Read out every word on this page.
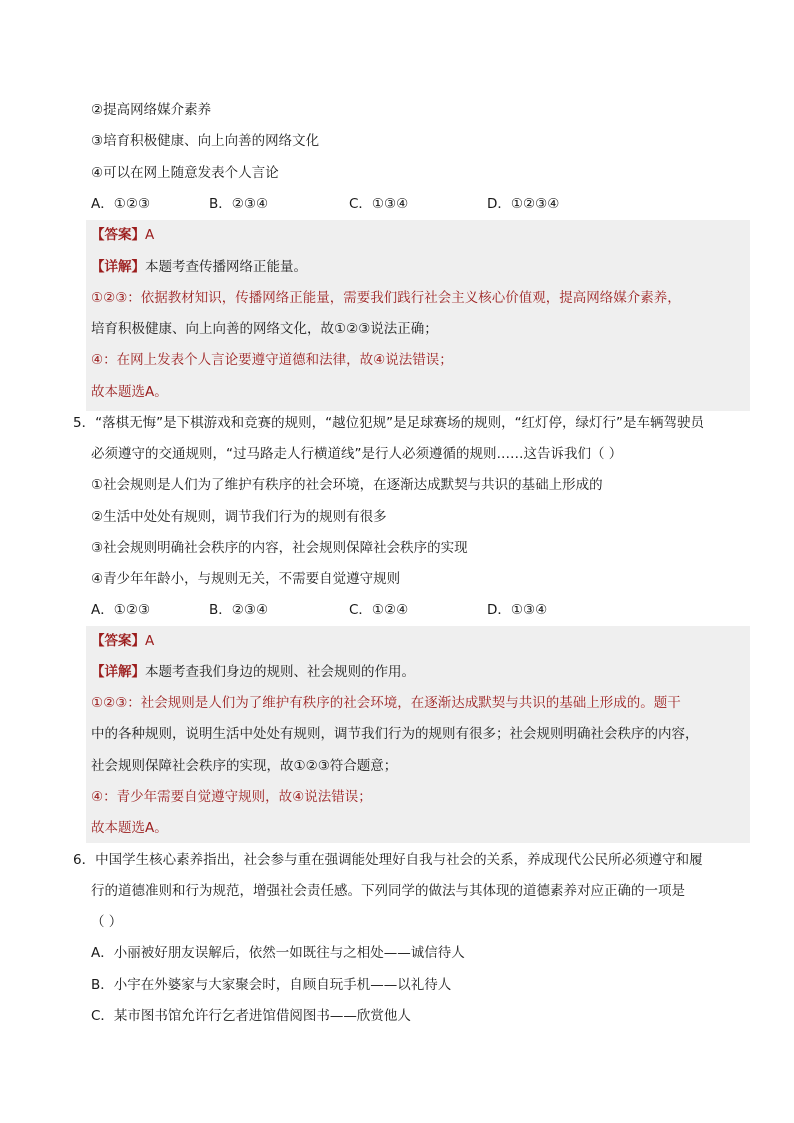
②提高网络媒介素养
③培育积极健康、向上向善的网络文化
④可以在网上随意发表个人言论
A．①②③	B．②③④	C．①③④	D．①②③④
【答案】A
【详解】本题考查传播网络正能量。
①②③：依据教材知识，传播网络正能量，需要我们践行社会主义核心价值观，提高网络媒介素养，
培育积极健康、向上向善的网络文化，故①②③说法正确；
④：在网上发表个人言论要遵守道德和法律，故④说法错误；
故本题选A。
5．“落棋无悔”是下棋游戏和竞赛的规则，“越位犯规”是足球赛场的规则，“红灯停，绿灯行”是车辆驾驶员
必须遵守的交通规则，“过马路走人行横道线”是行人必须遵循的规则……这告诉我们（ ）
①社会规则是人们为了维护有秩序的社会环境，在逐渐达成默契与共识的基础上形成的
②生活中处处有规则，调节我们行为的规则有很多
③社会规则明确社会秩序的内容，社会规则保障社会秩序的实现
④青少年年龄小，与规则无关，不需要自觉遵守规则
A．①②③	B．②③④	C．①②④	D．①③④
【答案】A
【详解】本题考查我们身边的规则、社会规则的作用。
①②③：社会规则是人们为了维护有秩序的社会环境，在逐渐达成默契与共识的基础上形成的。题干
中的各种规则，说明生活中处处有规则，调节我们行为的规则有很多；社会规则明确社会秩序的内容，
社会规则保障社会秩序的实现，故①②③符合题意；
④：青少年需要自觉遵守规则，故④说法错误；
故本题选A。
6．中国学生核心素养指出，社会参与重在强调能处理好自我与社会的关系，养成现代公民所必须遵守和履
行的道德准则和行为规范，增强社会责任感。下列同学的做法与其体现的道德素养对应正确的一项是
（ ）
A．小丽被好朋友误解后，依然一如既往与之相处——诚信待人
B．小宇在外婆家与大家聚会时，自顾自玩手机——以礼待人
C．某市图书馆允许行乞者进馆借阅图书——欣赏他人
